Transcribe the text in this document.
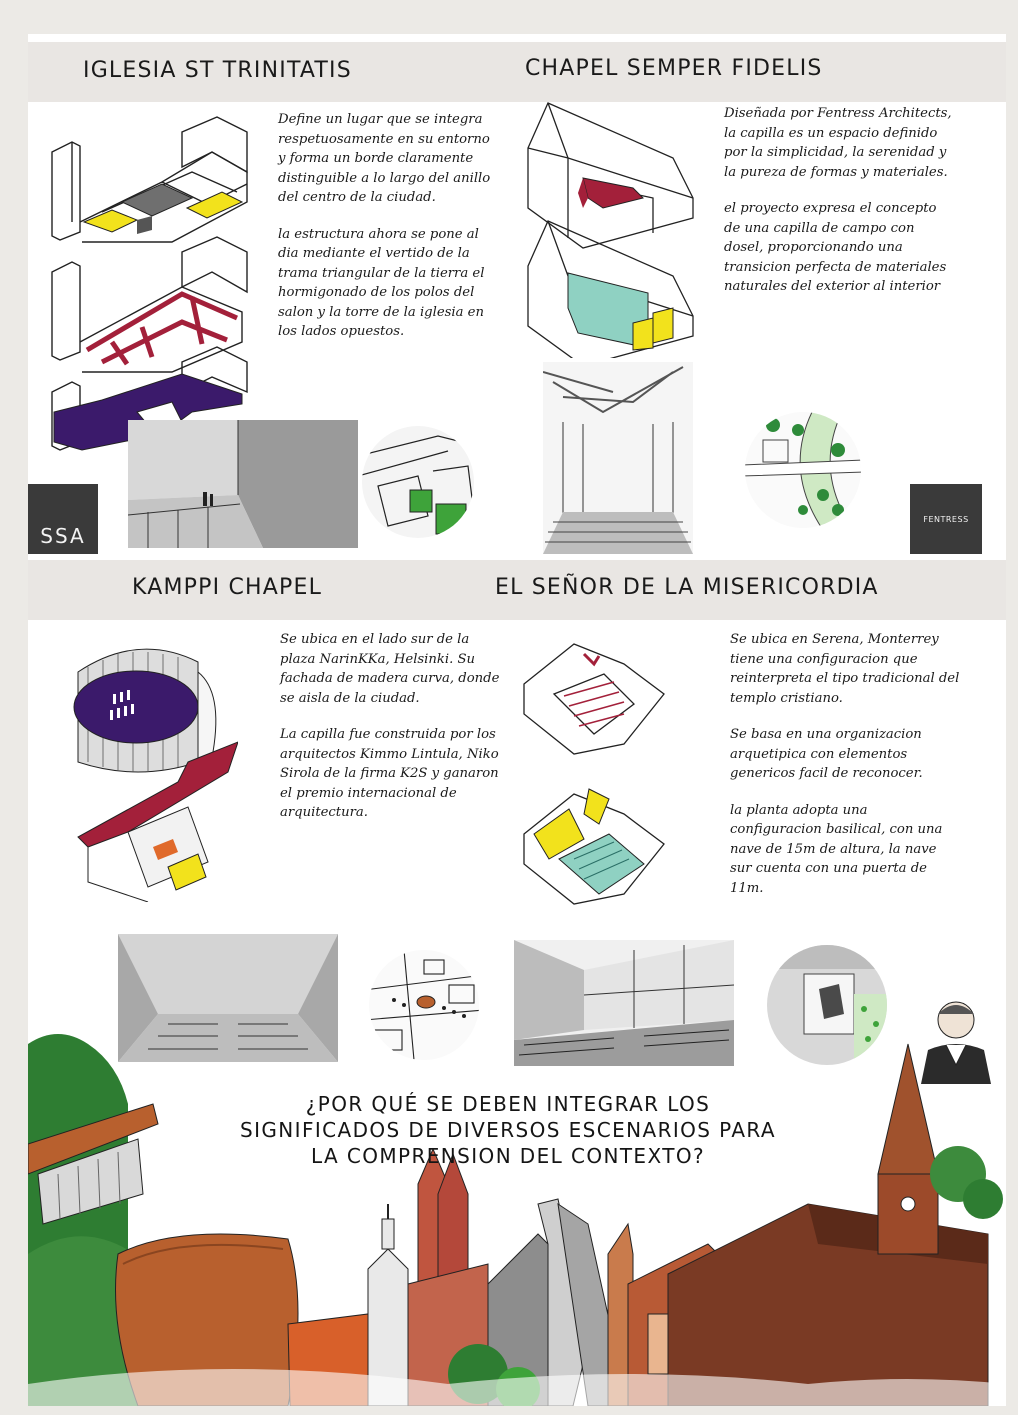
IGLESIA ST TRINITATIS	CHAPEL SEMPER FIDELIS

Define un lugar que se integra respetuosamente en su entorno y forma un borde claramente distinguible a lo largo del anillo del centro de la ciudad.

la estructura ahora se pone al dia mediante el vertido de la trama triangular de la tierra el hormigonado de los polos del salon y la torre de la iglesia en los lados opuestos.

Diseñada por Fentress Architects, la capilla es un espacio definido por la simplicidad, la serenidad y la pureza de formas y materiales.

el proyecto expresa el concepto de una capilla de campo con dosel, proporcionando una transicion perfecta de materiales naturales del exterior al interior

SSA
FENTRESS
KAMPPI CHAPEL	EL SEÑOR DE LA MISERICORDIA

Se ubica en el lado sur de la plaza NarinKKa, Helsinki. Su fachada de madera curva, donde se aisla de la ciudad.

La capilla fue construida por los arquitectos Kimmo Lintula, Niko Sirola de la firma K2S y ganaron el premio internacional de arquitectura.

Se ubica en Serena, Monterrey tiene una configuracion que reinterpreta el tipo tradicional del templo cristiano.

Se basa en una organizacion arquetipica con elementos genericos facil de reconocer.

la planta adopta una configuracion basilical, con una nave de 15m de altura, la nave sur cuenta con una puerta de 11m.

¿POR QUÉ SE DEBEN INTEGRAR LOS
SIGNIFICADOS DE DIVERSOS ESCENARIOS PARA
LA COMPRENSION DEL CONTEXTO?
